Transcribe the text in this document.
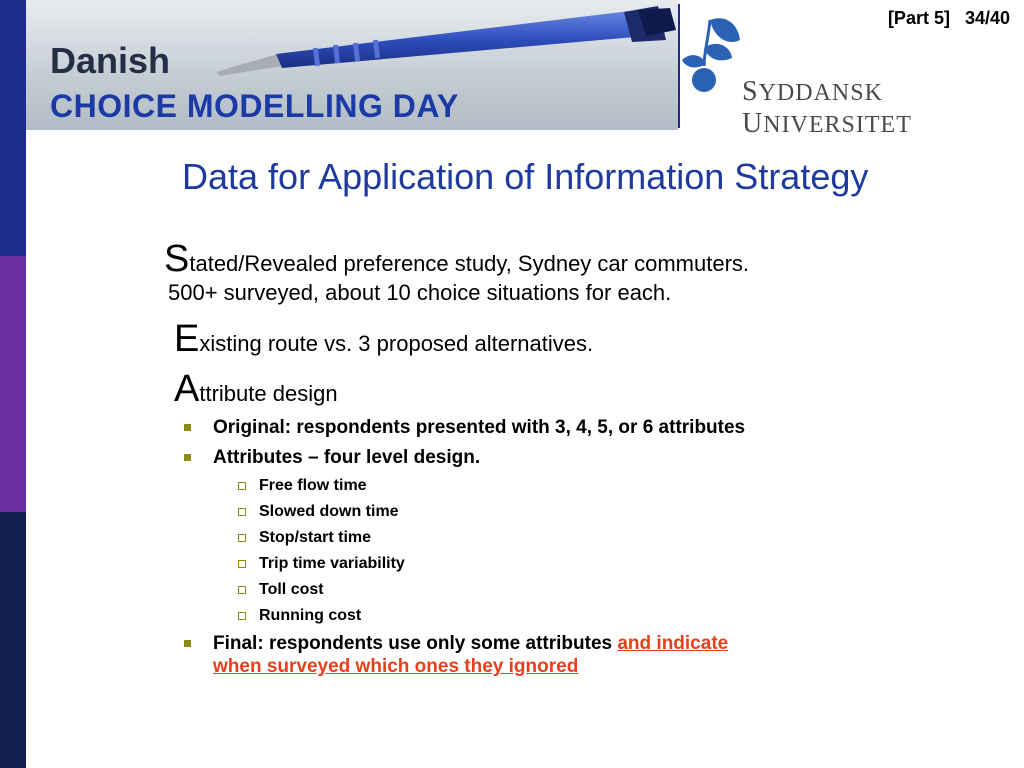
Danish
CHOICE MODELLING DAY	SYDDANSK UNIVERSITET
[Part 5]   34/40
Data for Application of Information Strategy
Stated/Revealed preference study, Sydney car commuters.
500+ surveyed, about 10 choice situations for each.
Existing route vs. 3 proposed alternatives.
Attribute design
Original: respondents presented with 3, 4, 5, or 6 attributes
Attributes – four level design.
Free flow time
Slowed down time
Stop/start time
Trip time variability
Toll cost
Running cost
Final: respondents use only some attributes and indicate
when surveyed which ones they ignored
